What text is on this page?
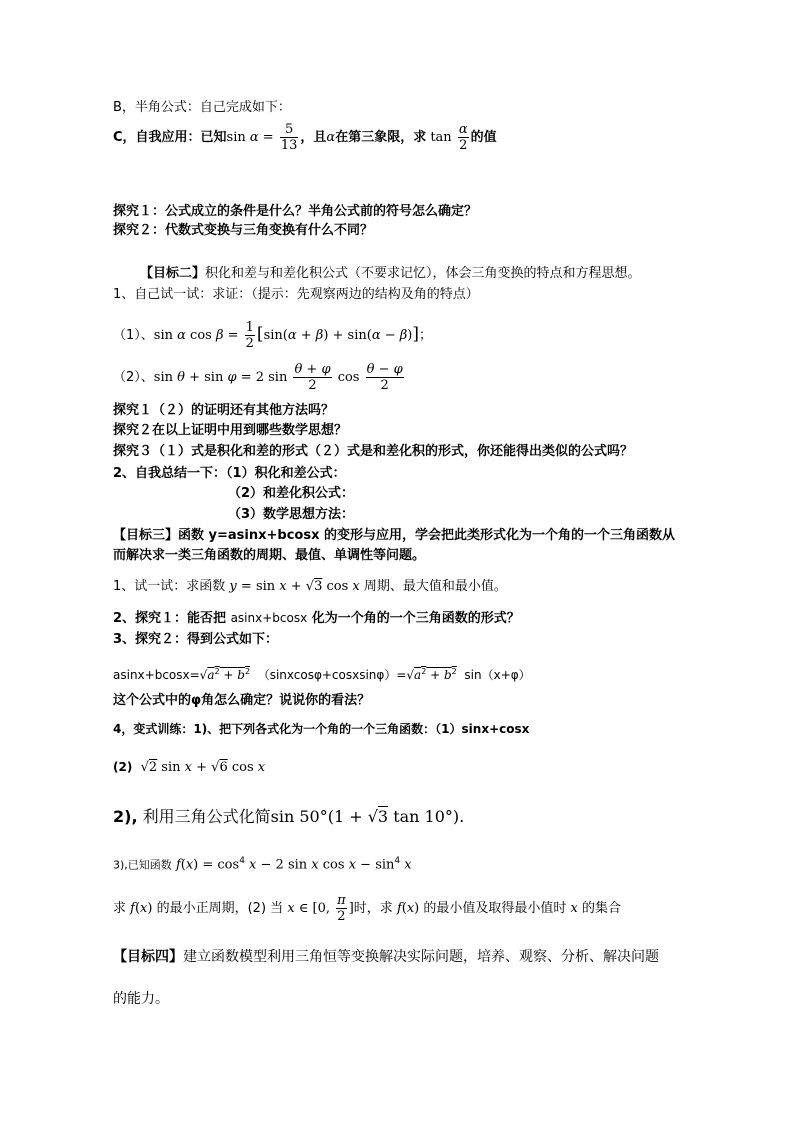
B，半角公式：自己完成如下：
C，自我应用：已知$\sin \alpha = \frac{5}{13}$ ，且α在第三象限，求 $\tan \frac{\alpha}{2}$ 的值
探究１：公式成立的条件是什么？半角公式前的符号怎么确定？
探究２：代数式变换与三角变换有什么不同？
【目标二】积化和差与和差化积公式（不要求记忆），体会三角变换的特点和方程思想。
1、自己试一试：求证：（提示：先观察两边的结构及角的特点）
（1）、sin α $\cos \beta = \frac{1}{2} [\sin(\alpha + \beta) + \sin(\alpha - \beta)]$；
（2）、sin θ + sin φ = 2 $\sin \frac{\theta + \varphi}{2}$ $\cos \frac{\theta - \varphi}{2}$
探究１（２）的证明还有其他方法吗？
探究２在以上证明中用到哪些数学思想？
探究３（１）式是积化和差的形式（２）式是和差化积的形式，你还能得出类似的公式吗？
2、自我总结一下：（1）积化和差公式：
（2）和差化积公式：
（3）数学思想方法：
【目标三】函数 y=asinx+bcosx 的变形与应用，学会把此类形式化为一个角的一个三角函数从
而解决求一类三角函数的周期、最值、单调性等问题。
1、试一试：求函数 y = sin x + √3 cos x 周期、最大值和最小值。
2、探究１：能否把 asinx+bcosx 化为一个角的一个三角函数的形式？
3、探究２：得到公式如下：
$asinx+bcosx=√a^2 + b^2$ $(sinxcos\varphi+cosxsin\varphi)=√a^2 + b^2$ sin（x+φ）
这个公式中的φ角怎么确定？说说你的看法？
4，变式训练：1)、把下列各式化为一个角的一个三角函数：（1）sinx+cosx
(2) √2 sin x + √6 cos x
2), 利用三角公式化简sin 50°(1 + √3 tan 10°).
3),已知函数 $f(x) = \cos^4 x - 2$ sin x $\cos x - \sin^4 x$
求 f(x) 的最小正周期，(2) 当 x ∈ [0, $\frac{\pi}{2}$ ]时，求 f(x) 的最小值及取得最小值时 x 的集合
【目标四】建立函数模型利用三角恒等变换解决实际问题，培养、观察、分析、解决问题
的能力。
